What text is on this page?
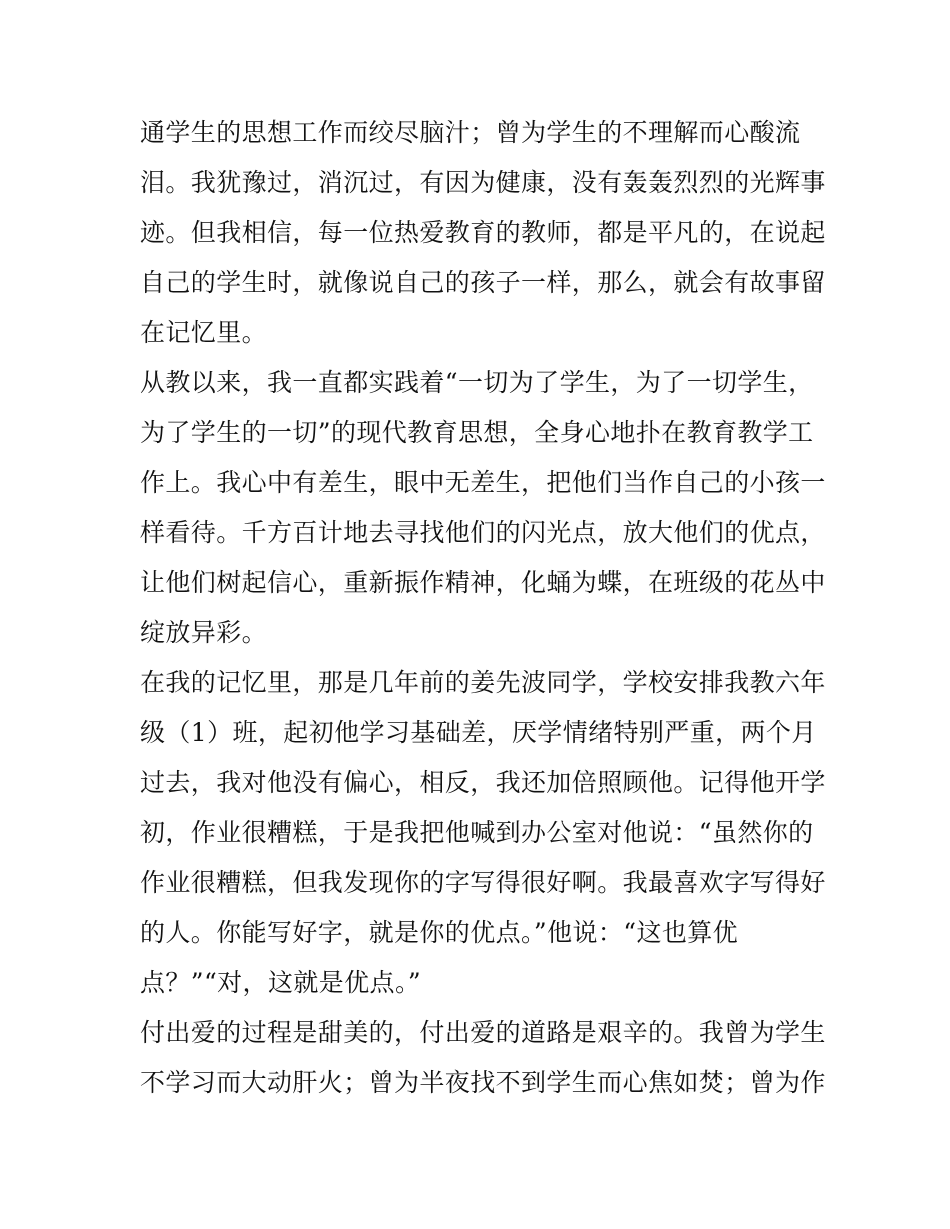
通学生的思想工作而绞尽脑汁；曾为学生的不理解而心酸流
泪。我犹豫过，消沉过，有因为健康，没有轰轰烈烈的光辉事
迹。但我相信，每一位热爱教育的教师，都是平凡的，在说起
自己的学生时，就像说自己的孩子一样，那么，就会有故事留
在记忆里。
从教以来，我一直都实践着“一切为了学生，为了一切学生，
为了学生的一切”的现代教育思想，全身心地扑在教育教学工
作上。我心中有差生，眼中无差生，把他们当作自己的小孩一
样看待。千方百计地去寻找他们的闪光点，放大他们的优点，
让他们树起信心，重新振作精神，化蛹为蝶，在班级的花丛中
绽放异彩。
在我的记忆里，那是几年前的姜先波同学，学校安排我教六年
级（1）班，起初他学习基础差，厌学情绪特别严重，两个月
过去，我对他没有偏心，相反，我还加倍照顾他。记得他开学
初，作业很糟糕，于是我把他喊到办公室对他说：“虽然你的
作业很糟糕，但我发现你的字写得很好啊。我最喜欢字写得好
的人。你能写好字，就是你的优点。”他说：“这也算优
点？”“对，这就是优点。”
付出爱的过程是甜美的，付出爱的道路是艰辛的。我曾为学生
不学习而大动肝火；曾为半夜找不到学生而心焦如焚；曾为作
